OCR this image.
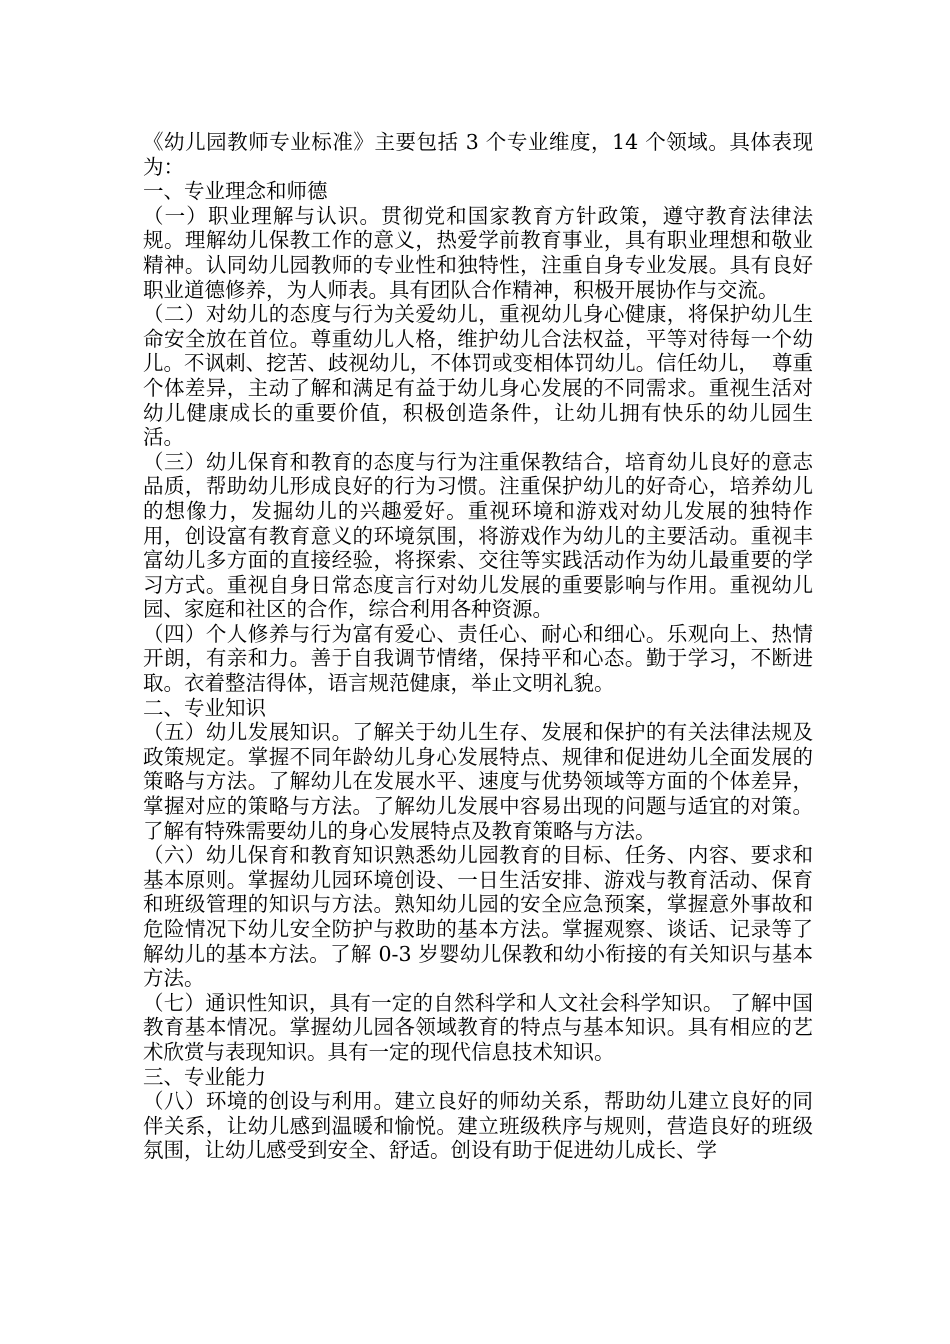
《幼儿园教师专业标准》主要包括 3 个专业维度，14 个领域。具体表现为：

一、专业理念和师德

（一）职业理解与认识。贯彻党和国家教育方针政策，遵守教育法律法规。理解幼儿保教工作的意义，热爱学前教育事业，具有职业理想和敬业精神。认同幼儿园教师的专业性和独特性，注重自身专业发展。具有良好职业道德修养，为人师表。具有团队合作精神，积极开展协作与交流。

（二）对幼儿的态度与行为关爱幼儿，重视幼儿身心健康，将保护幼儿生命安全放在首位。尊重幼儿人格，维护幼儿合法权益，平等对待每一个幼儿。不讽刺、挖苦、歧视幼儿，不体罚或变相体罚幼儿。信任幼儿，  尊重个体差异，主动了解和满足有益于幼儿身心发展的不同需求。重视生活对幼儿健康成长的重要价值，积极创造条件，让幼儿拥有快乐的幼儿园生活。

（三）幼儿保育和教育的态度与行为注重保教结合，培育幼儿良好的意志品质，帮助幼儿形成良好的行为习惯。注重保护幼儿的好奇心，培养幼儿的想像力，发掘幼儿的兴趣爱好。重视环境和游戏对幼儿发展的独特作用，创设富有教育意义的环境氛围，将游戏作为幼儿的主要活动。重视丰富幼儿多方面的直接经验，将探索、交往等实践活动作为幼儿最重要的学习方式。重视自身日常态度言行对幼儿发展的重要影响与作用。重视幼儿园、家庭和社区的合作，综合利用各种资源。

（四）个人修养与行为富有爱心、责任心、耐心和细心。乐观向上、热情开朗，有亲和力。善于自我调节情绪，保持平和心态。勤于学习，不断进取。衣着整洁得体，语言规范健康，举止文明礼貌。

二、专业知识

（五）幼儿发展知识。了解关于幼儿生存、发展和保护的有关法律法规及政策规定。掌握不同年龄幼儿身心发展特点、规律和促进幼儿全面发展的策略与方法。了解幼儿在发展水平、速度与优势领域等方面的个体差异，掌握对应的策略与方法。了解幼儿发展中容易出现的问题与适宜的对策。了解有特殊需要幼儿的身心发展特点及教育策略与方法。

（六）幼儿保育和教育知识熟悉幼儿园教育的目标、任务、内容、要求和基本原则。掌握幼儿园环境创设、一日生活安排、游戏与教育活动、保育和班级管理的知识与方法。熟知幼儿园的安全应急预案，掌握意外事故和危险情况下幼儿安全防护与救助的基本方法。掌握观察、谈话、记录等了解幼儿的基本方法。了解 0-3 岁婴幼儿保教和幼小衔接的有关知识与基本方法。

（七）通识性知识，具有一定的自然科学和人文社会科学知识。 了解中国教育基本情况。掌握幼儿园各领域教育的特点与基本知识。具有相应的艺术欣赏与表现知识。具有一定的现代信息技术知识。

三、专业能力

（八）环境的创设与利用。建立良好的师幼关系，帮助幼儿建立良好的同伴关系，让幼儿感到温暖和愉悦。建立班级秩序与规则，营造良好的班级氛围，让幼儿感受到安全、舒适。创设有助于促进幼儿成长、学
